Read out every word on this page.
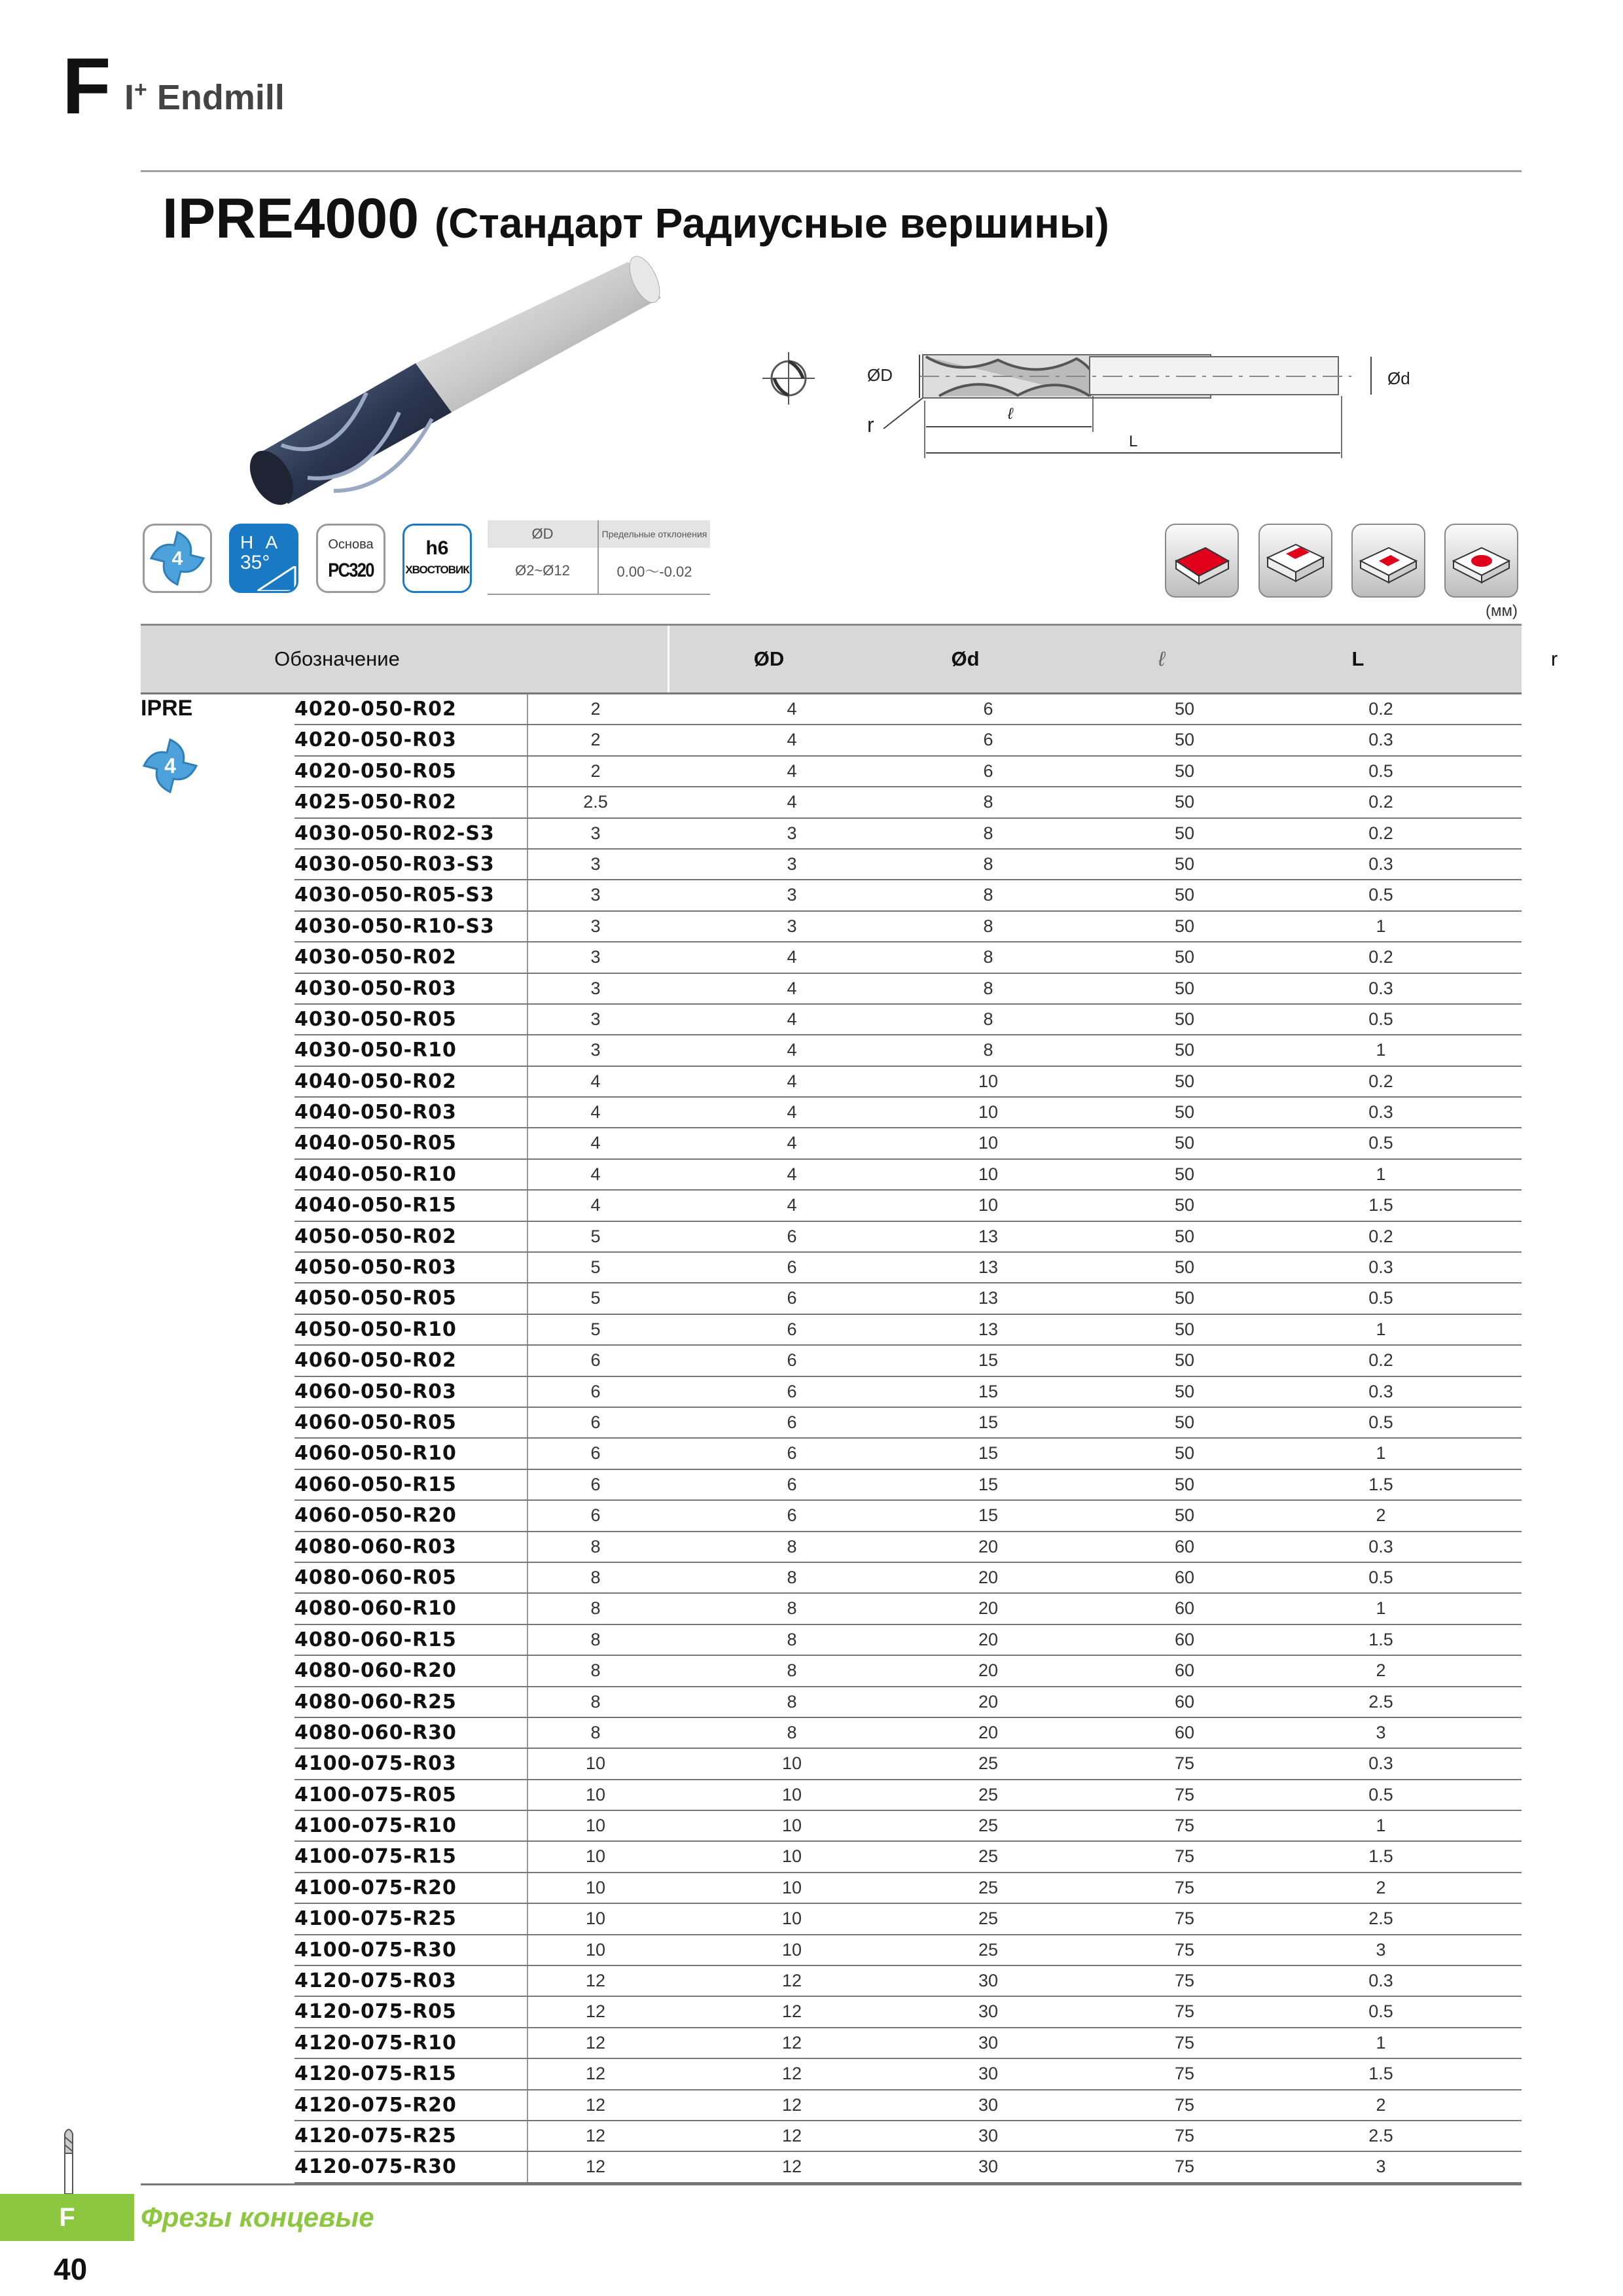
F I+ Endmill
IPRE4000 (Стандарт Радиусные вершины)
ØD	Ød
r	ℓ
L
4
H A
35°
Основа
PC320
h6
ХВОСТОВИК
ØD	Предельные отклонения
Ø2~Ø12	0.00～-0.02
(мм)
Обозначение	ØD	Ød	ℓ	L	r
IPRE
4
4020-050-R02	2	4	6	50	0.2
4020-050-R03	2	4	6	50	0.3
4020-050-R05	2	4	6	50	0.5
4025-050-R02	2.5	4	8	50	0.2
4030-050-R02-S3	3	3	8	50	0.2
4030-050-R03-S3	3	3	8	50	0.3
4030-050-R05-S3	3	3	8	50	0.5
4030-050-R10-S3	3	3	8	50	1
4030-050-R02	3	4	8	50	0.2
4030-050-R03	3	4	8	50	0.3
4030-050-R05	3	4	8	50	0.5
4030-050-R10	3	4	8	50	1
4040-050-R02	4	4	10	50	0.2
4040-050-R03	4	4	10	50	0.3
4040-050-R05	4	4	10	50	0.5
4040-050-R10	4	4	10	50	1
4040-050-R15	4	4	10	50	1.5
4050-050-R02	5	6	13	50	0.2
4050-050-R03	5	6	13	50	0.3
4050-050-R05	5	6	13	50	0.5
4050-050-R10	5	6	13	50	1
4060-050-R02	6	6	15	50	0.2
4060-050-R03	6	6	15	50	0.3
4060-050-R05	6	6	15	50	0.5
4060-050-R10	6	6	15	50	1
4060-050-R15	6	6	15	50	1.5
4060-050-R20	6	6	15	50	2
4080-060-R03	8	8	20	60	0.3
4080-060-R05	8	8	20	60	0.5
4080-060-R10	8	8	20	60	1
4080-060-R15	8	8	20	60	1.5
4080-060-R20	8	8	20	60	2
4080-060-R25	8	8	20	60	2.5
4080-060-R30	8	8	20	60	3
4100-075-R03	10	10	25	75	0.3
4100-075-R05	10	10	25	75	0.5
4100-075-R10	10	10	25	75	1
4100-075-R15	10	10	25	75	1.5
4100-075-R20	10	10	25	75	2
4100-075-R25	10	10	25	75	2.5
4100-075-R30	10	10	25	75	3
4120-075-R03	12	12	30	75	0.3
4120-075-R05	12	12	30	75	0.5
4120-075-R10	12	12	30	75	1
4120-075-R15	12	12	30	75	1.5
4120-075-R20	12	12	30	75	2
4120-075-R25	12	12	30	75	2.5
4120-075-R30	12	12	30	75	3
F	Фрезы концевые
40
